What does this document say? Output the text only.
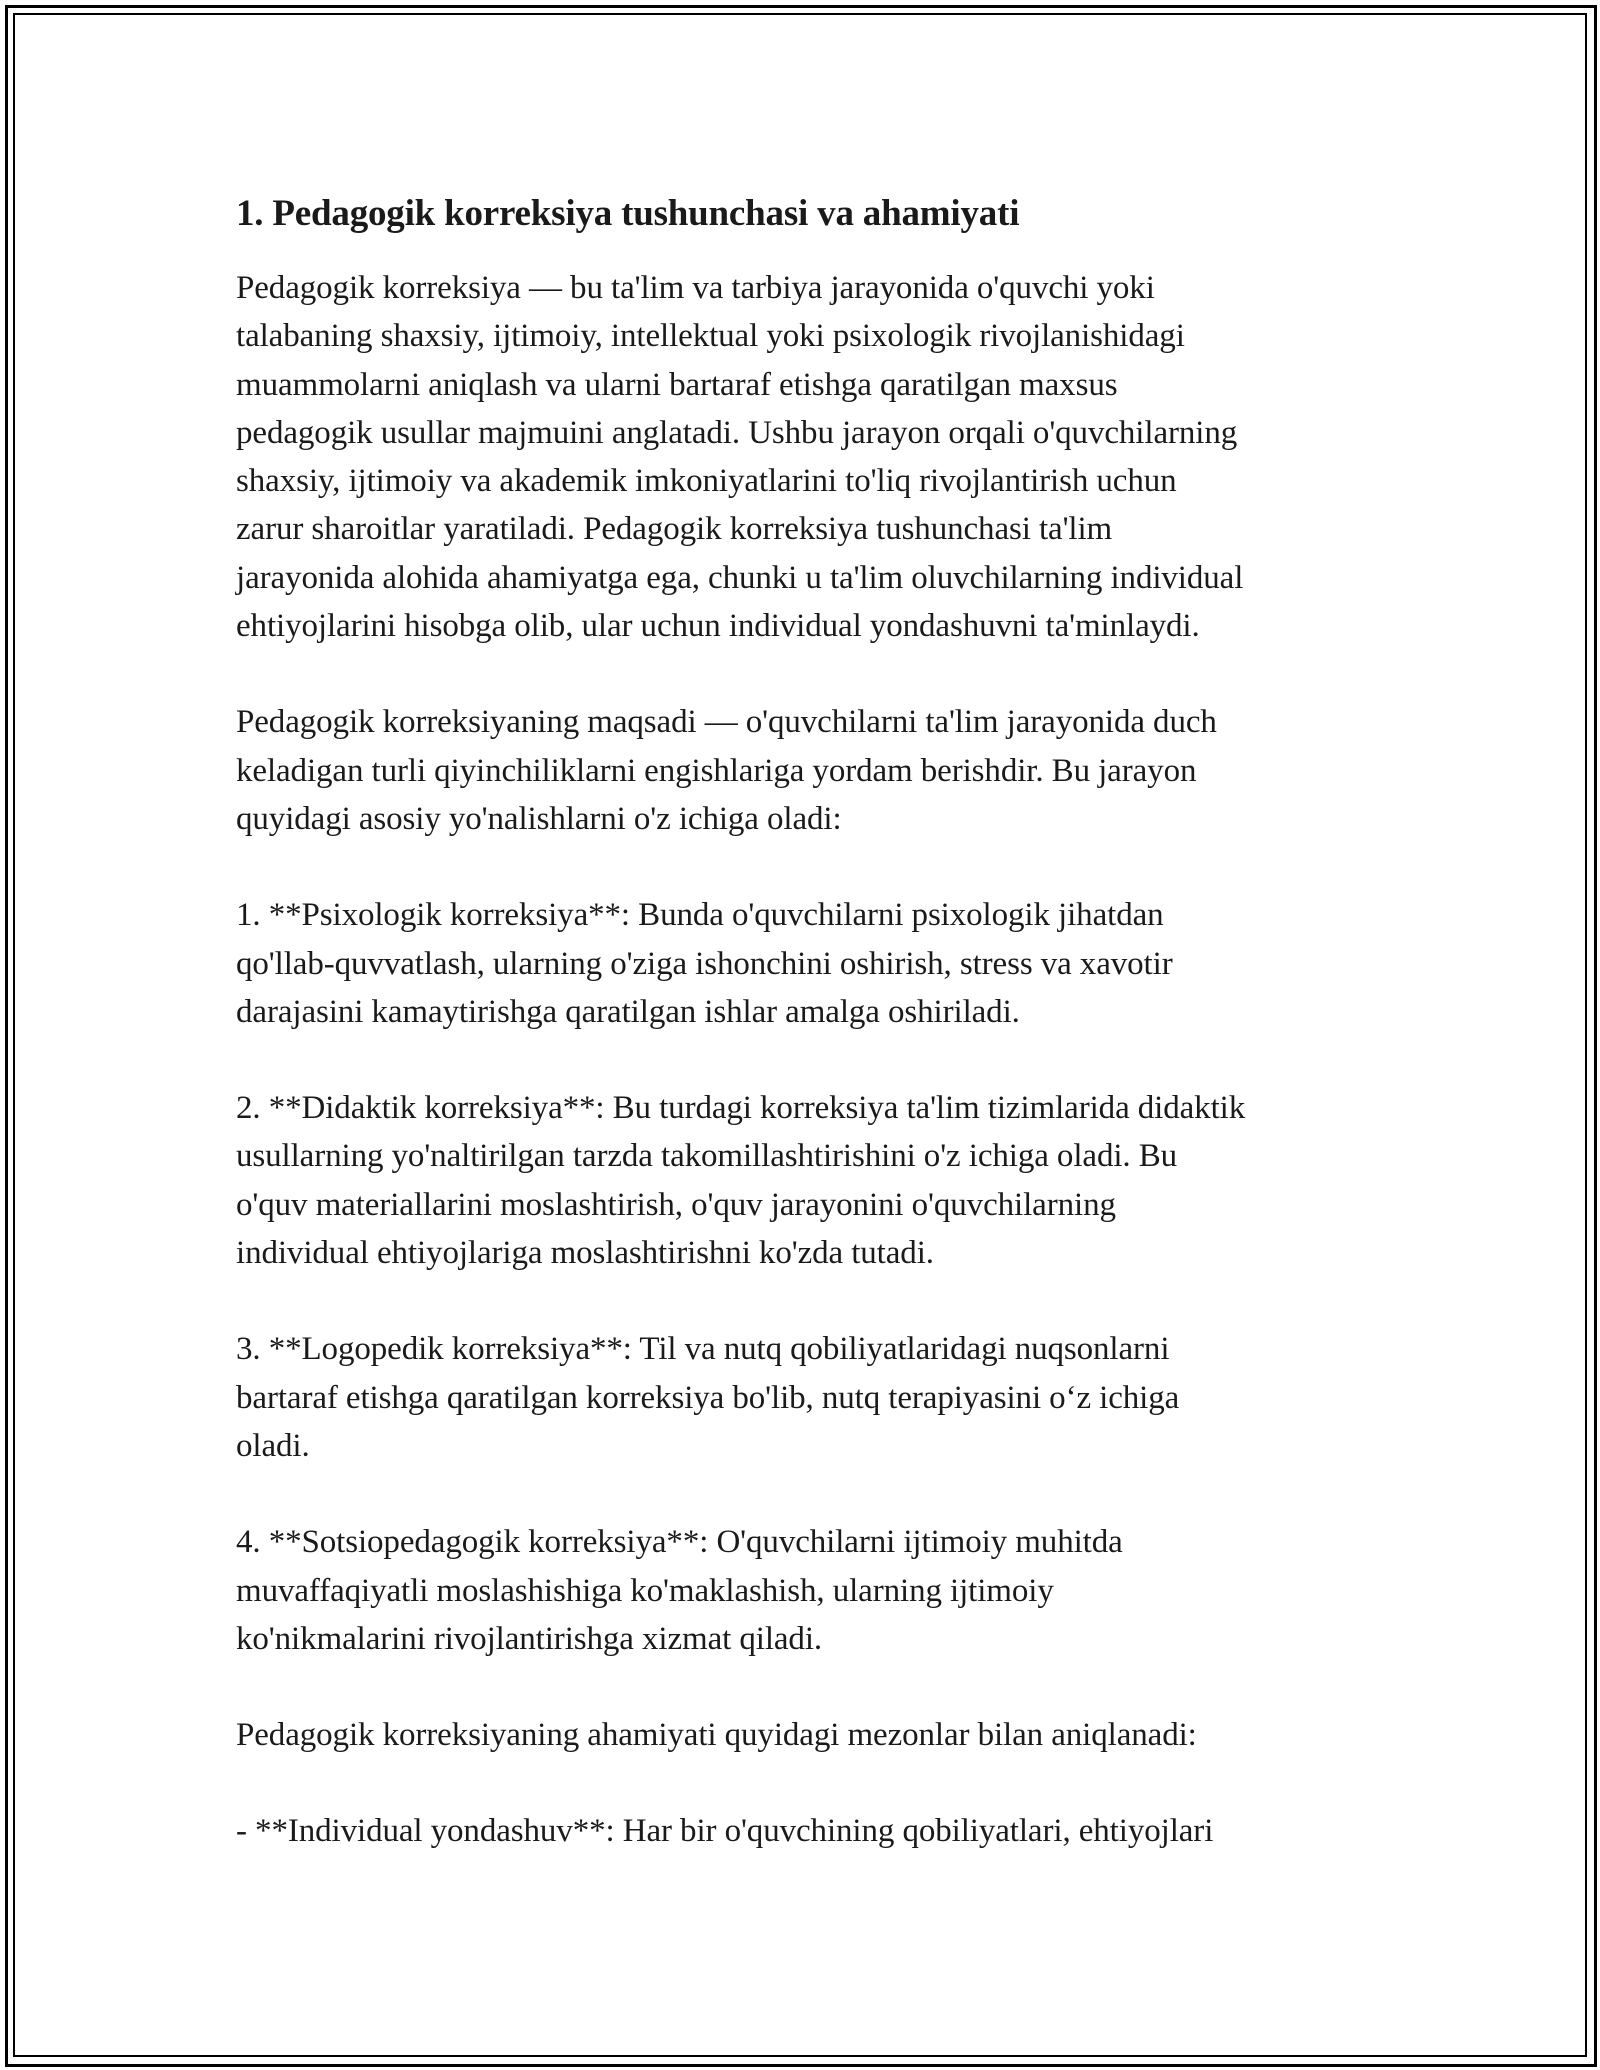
1. Pedagogik korreksiya tushunchasi va ahamiyati

Pedagogik korreksiya — bu ta'lim va tarbiya jarayonida o'quvchi yoki
talabaning shaxsiy, ijtimoiy, intellektual yoki psixologik rivojlanishidagi
muammolarni aniqlash va ularni bartaraf etishga qaratilgan maxsus
pedagogik usullar majmuini anglatadi. Ushbu jarayon orqali o'quvchilarning
shaxsiy, ijtimoiy va akademik imkoniyatlarini to'liq rivojlantirish uchun
zarur sharoitlar yaratiladi. Pedagogik korreksiya tushunchasi ta'lim
jarayonida alohida ahamiyatga ega, chunki u ta'lim oluvchilarning individual
ehtiyojlarini hisobga olib, ular uchun individual yondashuvni ta'minlaydi.

Pedagogik korreksiyaning maqsadi — o'quvchilarni ta'lim jarayonida duch
keladigan turli qiyinchiliklarni engishlariga yordam berishdir. Bu jarayon
quyidagi asosiy yo'nalishlarni o'z ichiga oladi:

1. **Psixologik korreksiya**: Bunda o'quvchilarni psixologik jihatdan
qo'llab-quvvatlash, ularning o'ziga ishonchini oshirish, stress va xavotir
darajasini kamaytirishga qaratilgan ishlar amalga oshiriladi.

2. **Didaktik korreksiya**: Bu turdagi korreksiya ta'lim tizimlarida didaktik
usullarning yo'naltirilgan tarzda takomillashtirishini o'z ichiga oladi. Bu
o'quv materiallarini moslashtirish, o'quv jarayonini o'quvchilarning
individual ehtiyojlariga moslashtirishni ko'zda tutadi.

3. **Logopedik korreksiya**: Til va nutq qobiliyatlaridagi nuqsonlarni
bartaraf etishga qaratilgan korreksiya bo'lib, nutq terapiyasini o‘z ichiga
oladi.

4. **Sotsiopedagogik korreksiya**: O'quvchilarni ijtimoiy muhitda
muvaffaqiyatli moslashishiga ko'maklashish, ularning ijtimoiy
ko'nikmalarini rivojlantirishga xizmat qiladi.

Pedagogik korreksiyaning ahamiyati quyidagi mezonlar bilan aniqlanadi:

- **Individual yondashuv**: Har bir o'quvchining qobiliyatlari, ehtiyojlari
